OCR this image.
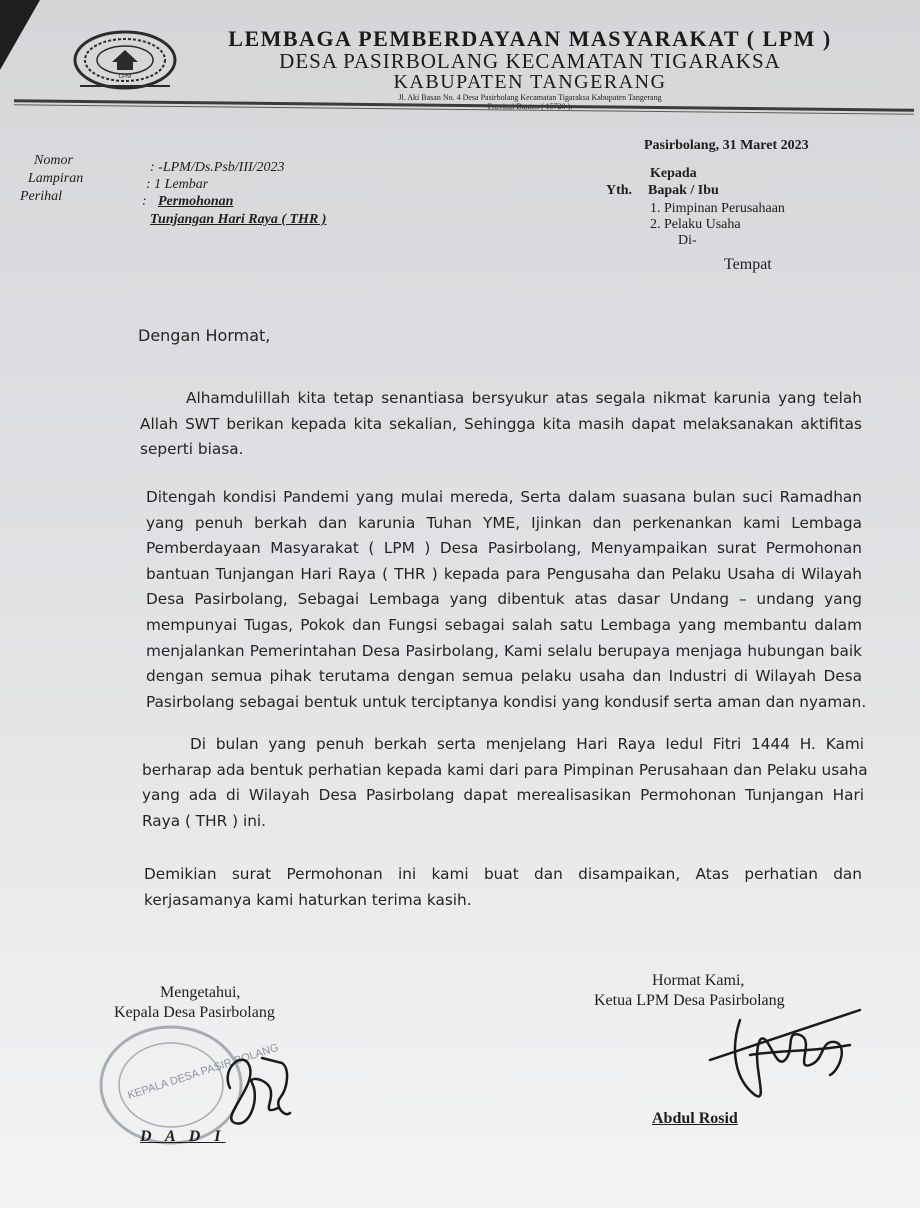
LPM
LEMBAGA PEMBERDAYAAN MASYARAKAT ( LPM )
DESA PASIRBOLANG KECAMATAN TIGARAKSA
KABUPATEN TANGERANG
Jl. Aki Basan No. 4 Desa Pasirbolang Kecamatan Tigaraksa Kabupaten Tangerang
Pasirbolang, 31 Maret 2023
Nomor	: -LPM/Ds.Psb/III/2023
Lampiran	: 1 Lembar
Perihal	: Permohonan
Tunjangan Hari Raya ( THR )
Kepada
Yth. Bapak / Ibu
1. Pimpinan Perusahaan
2. Pelaku Usaha
Di-
Tempat
Dengan Hormat,
Alhamdulillah kita tetap senantiasa bersyukur atas segala nikmat karunia yang telah
Allah SWT berikan kepada kita sekalian, Sehingga kita masih dapat melaksanakan aktifitas
seperti biasa.
Ditengah kondisi Pandemi yang mulai mereda, Serta dalam suasana bulan suci Ramadhan
yang penuh berkah dan karunia Tuhan YME, Ijinkan dan perkenankan kami Lembaga
Pemberdayaan Masyarakat ( LPM ) Desa Pasirbolang, Menyampaikan surat Permohonan
bantuan Tunjangan Hari Raya ( THR ) kepada para Pengusaha dan Pelaku Usaha di Wilayah
Desa Pasirbolang, Sebagai Lembaga yang dibentuk atas dasar Undang – undang yang
mempunyai Tugas, Pokok dan Fungsi sebagai salah satu Lembaga yang membantu dalam
menjalankan Pemerintahan Desa Pasirbolang, Kami selalu berupaya menjaga hubungan baik
dengan semua pihak terutama dengan semua pelaku usaha dan Industri di Wilayah Desa
Pasirbolang sebagai bentuk untuk terciptanya kondisi yang kondusif serta aman dan nyaman.
Di bulan yang penuh berkah serta menjelang Hari Raya Iedul Fitri 1444 H. Kami
berharap ada bentuk perhatian kepada kami dari para Pimpinan Perusahaan dan Pelaku usaha
yang ada di Wilayah Desa Pasirbolang dapat merealisasikan Permohonan Tunjangan Hari
Raya ( THR ) ini.
Demikian surat Permohonan ini kami buat dan disampaikan, Atas perhatian dan
kerjasamanya kami haturkan terima kasih.
Mengetahui,
Kepala Desa Pasirbolang
KEPALA DESA PASIR BOLANG
D A D I
Hormat Kami,
Ketua LPM Desa Pasirbolang
Abdul Rosid
